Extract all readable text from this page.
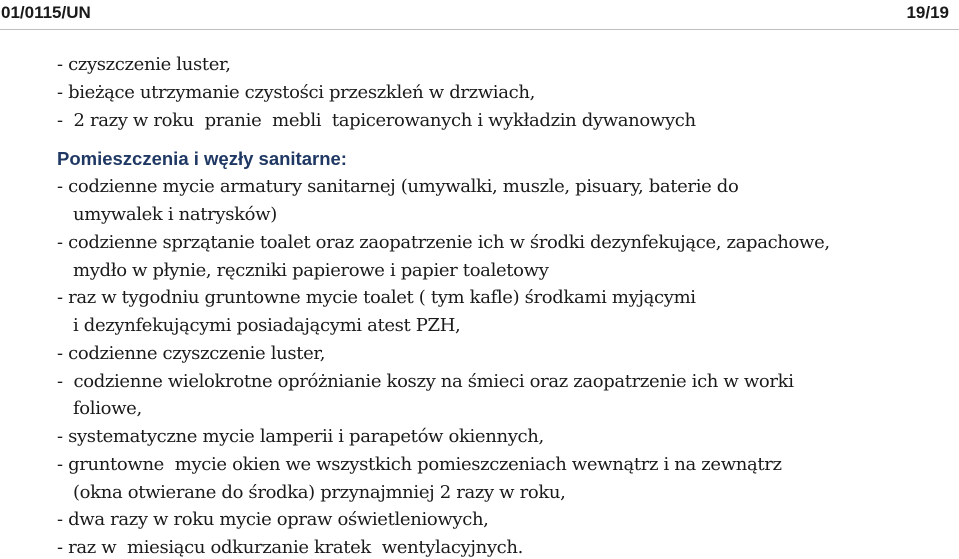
01/0115/UN	19/19
- czyszczenie luster,
- bieżące utrzymanie czystości przeszkleń w drzwiach,
-  2 razy w roku  pranie  mebli  tapicerowanych i wykładzin dywanowych
Pomieszczenia i węzły sanitarne:
- codzienne mycie armatury sanitarnej (umywalki, muszle, pisuary, baterie do
umywalek i natrysków)
- codzienne sprzątanie toalet oraz zaopatrzenie ich w środki dezynfekujące, zapachowe,
mydło w płynie, ręczniki papierowe i papier toaletowy
- raz w tygodniu gruntowne mycie toalet ( tym kafle) środkami myjącymi
i dezynfekującymi posiadającymi atest PZH,
- codzienne czyszczenie luster,
-  codzienne wielokrotne opróżnianie koszy na śmieci oraz zaopatrzenie ich w worki
foliowe,
- systematyczne mycie lamperii i parapetów okiennych,
- gruntowne  mycie okien we wszystkich pomieszczeniach wewnątrz i na zewnątrz
(okna otwierane do środka) przynajmniej 2 razy w roku,
- dwa razy w roku mycie opraw oświetleniowych,
- raz w  miesiącu odkurzanie kratek  wentylacyjnych.
